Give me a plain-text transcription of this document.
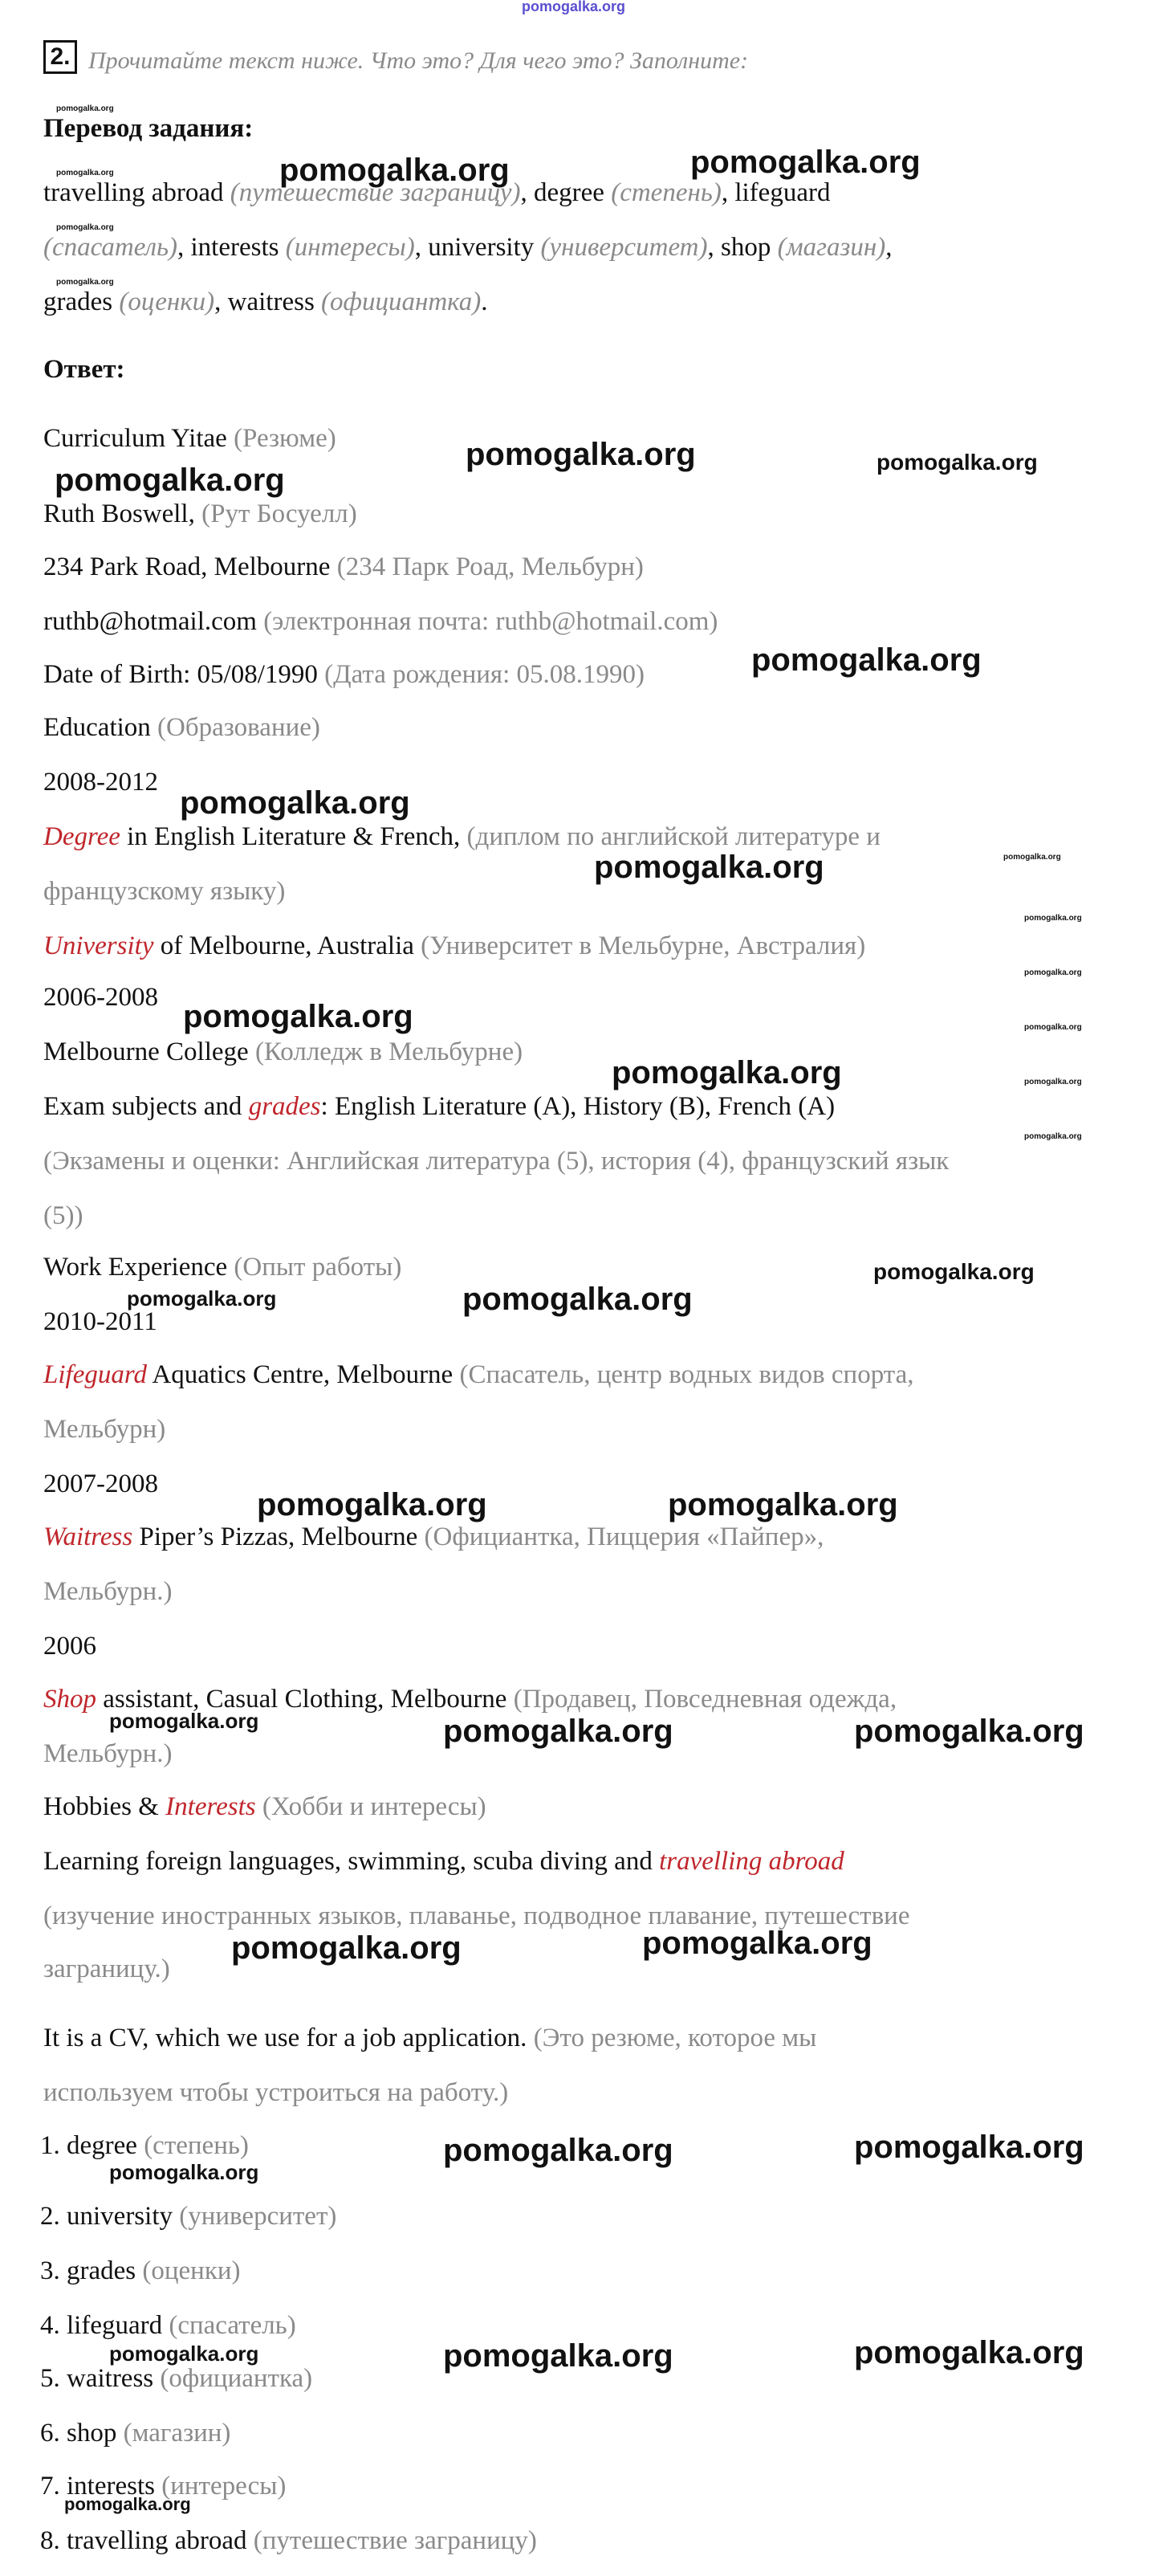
pomogalka.org
2. Прочитайте текст ниже. Что это? Для чего это? Заполните:
Перевод задания:
travelling abroad (путешествие заграницу), degree (степень), lifeguard
(спасатель), interests (интересы), university (университет), shop (магазин),
grades (оценки), waitress (официантка).
Ответ:
Curriculum Yitae (Резюме)
Ruth Boswell, (Рут Босуелл)
234 Park Road, Melbourne (234 Парк Роад, Мельбурн)
ruthb@hotmail.com (электронная почта: ruthb@hotmail.com)
Date of Birth: 05/08/1990 (Дата рождения: 05.08.1990)
Education (Образование)
2008-2012
Degree in English Literature & French, (диплом по английской литературе и
французскому языку)
University of Melbourne, Australia (Университет в Мельбурне, Австралия)
2006-2008
Melbourne College (Колледж в Мельбурне)
Exam subjects and grades: English Literature (A), History (B), French (A)
(Экзамены и оценки: Английская литература (5), история (4), французский язык
(5))
Work Experience (Опыт работы)
2010-2011
Lifeguard Aquatics Centre, Melbourne (Спасатель, центр водных видов спорта,
Мельбурн)
2007-2008
Waitress Piper’s Pizzas, Melbourne (Официантка, Пиццерия «Пайпер»,
Мельбурн.)
2006
Shop assistant, Casual Clothing, Melbourne (Продавец, Повседневная одежда,
Мельбурн.)
Hobbies & Interests (Хобби и интересы)
Learning foreign languages, swimming, scuba diving and travelling abroad
(изучение иностранных языков, плаванье, подводное плавание, путешествие
заграницу.)
It is a CV, which we use for a job application. (Это резюме, которое мы
используем чтобы устроиться на работу.)
1. degree (степень)
2. university (университет)
3. grades (оценки)
4. lifeguard (спасатель)
5. waitress (официантка)
6. shop (магазин)
7. interests (интересы)
8. travelling abroad (путешествие заграницу)
pomogalka.org
pomogalka.org
pomogalka.org
pomogalka.org
pomogalka.org	pomogalka.org
pomogalka.org	pomogalka.org
pomogalka.org
pomogalka.org
pomogalka.org
pomogalka.org	pomogalka.org
pomogalka.org
pomogalka.org
pomogalka.org	pomogalka.org
pomogalka.org	pomogalka.org
pomogalka.org
pomogalka.org
pomogalka.org	pomogalka.org
pomogalka.org	pomogalka.org
pomogalka.org	pomogalka.org	pomogalka.org
pomogalka.org	pomogalka.org
pomogalka.org	pomogalka.org
pomogalka.org
pomogalka.org	pomogalka.org	pomogalka.org
pomogalka.org
